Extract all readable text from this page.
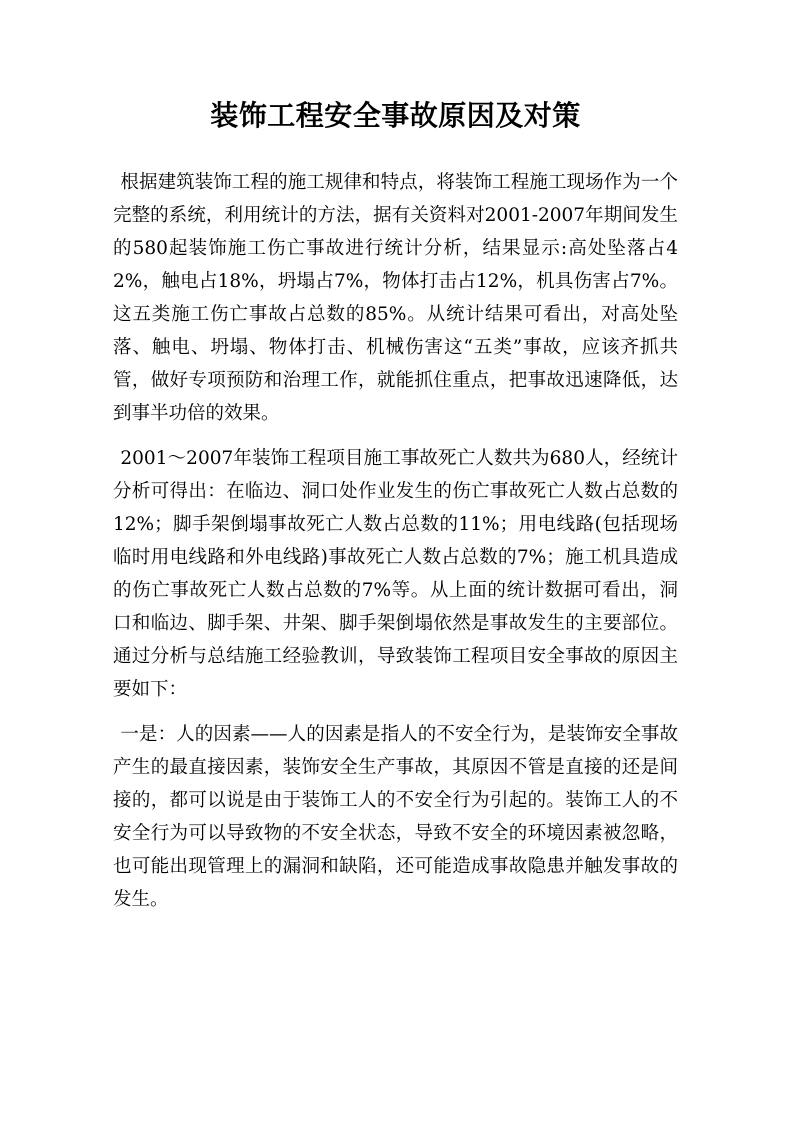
装饰工程安全事故原因及对策

根据建筑装饰工程的施工规律和特点，将装饰工程施工现场作为一个完整的系统，利用统计的方法，据有关资料对2001-2007年期间发生的580起装饰施工伤亡事故进行统计分析，结果显示:高处坠落占42%，触电占18%，坍塌占7%，物体打击占12%，机具伤害占7%。这五类施工伤亡事故占总数的85%。从统计结果可看出，对高处坠落、触电、坍塌、物体打击、机械伤害这“五类”事故，应该齐抓共管，做好专项预防和治理工作，就能抓住重点，把事故迅速降低，达到事半功倍的效果。

2001～2007年装饰工程项目施工事故死亡人数共为680人，经统计分析可得出：在临边、洞口处作业发生的伤亡事故死亡人数占总数的12%；脚手架倒塌事故死亡人数占总数的11%；用电线路(包括现场临时用电线路和外电线路)事故死亡人数占总数的7%；施工机具造成的伤亡事故死亡人数占总数的7%等。从上面的统计数据可看出，洞口和临边、脚手架、井架、脚手架倒塌依然是事故发生的主要部位。通过分析与总结施工经验教训，导致装饰工程项目安全事故的原因主要如下：

一是：人的因素——人的因素是指人的不安全行为，是装饰安全事故产生的最直接因素，装饰安全生产事故，其原因不管是直接的还是间接的，都可以说是由于装饰工人的不安全行为引起的。装饰工人的不安全行为可以导致物的不安全状态，导致不安全的环境因素被忽略，也可能出现管理上的漏洞和缺陷，还可能造成事故隐患并触发事故的发生。
